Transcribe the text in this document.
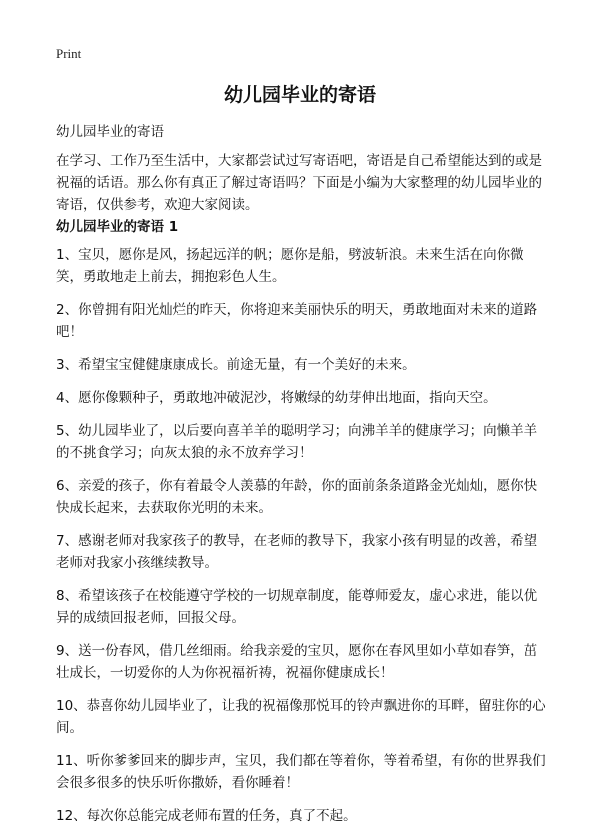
Print
幼儿园毕业的寄语

幼儿园毕业的寄语

在学习、工作乃至生活中，大家都尝试过写寄语吧，寄语是自己希望能达到的或是祝福的话语。那么你有真正了解过寄语吗？下面是小编为大家整理的幼儿园毕业的寄语，仅供参考，欢迎大家阅读。

幼儿园毕业的寄语 1
1、宝贝，愿你是风，扬起远洋的帆；愿你是船，劈波斩浪。未来生活在向你微笑，勇敢地走上前去，拥抱彩色人生。
2、你曾拥有阳光灿烂的昨天，你将迎来美丽快乐的明天，勇敢地面对未来的道路吧！
3、希望宝宝健健康康成长。前途无量，有一个美好的未来。
4、愿你像颗种子，勇敢地冲破泥沙，将嫩绿的幼芽伸出地面，指向天空。
5、幼儿园毕业了，以后要向喜羊羊的聪明学习；向沸羊羊的健康学习；向懒羊羊的不挑食学习；向灰太狼的永不放弃学习！
6、亲爱的孩子，你有着最令人羡慕的年龄，你的面前条条道路金光灿灿，愿你快快成长起来，去获取你光明的未来。
7、感谢老师对我家孩子的教导，在老师的教导下，我家小孩有明显的改善，希望老师对我家小孩继续教导。
8、希望该孩子在校能遵守学校的一切规章制度，能尊师爱友，虚心求进，能以优异的成绩回报老师，回报父母。
9、送一份春风，借几丝细雨。给我亲爱的宝贝，愿你在春风里如小草如春笋，茁壮成长，一切爱你的人为你祝福祈祷，祝福你健康成长！
10、恭喜你幼儿园毕业了，让我的祝福像那悦耳的铃声飘进你的耳畔，留驻你的心间。
11、听你爹爹回来的脚步声，宝贝，我们都在等着你，等着希望，有你的世界我们会很多很多的快乐听你撒娇，看你睡着！
12、每次你总能完成老师布置的任务，真了不起。
